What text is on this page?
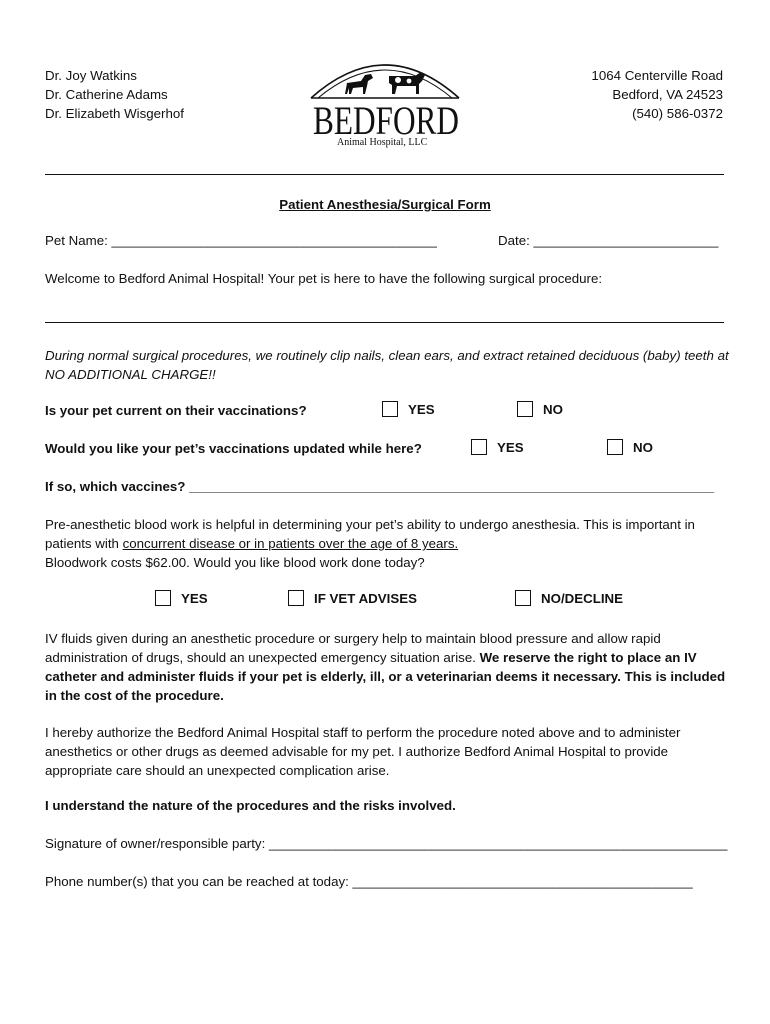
Dr. Joy Watkins
Dr. Catherine Adams
Dr. Elizabeth Wisgerhof	BEDFORD
Animal Hospital, LLC
1064 Centerville Road
Bedford, VA 24523
(540) 586-0372
Patient Anesthesia/Surgical Form
Pet Name: ____________________________________________	Date: _________________________
Welcome to Bedford Animal Hospital! Your pet is here to have the following surgical procedure:
During normal surgical procedures, we routinely clip nails, clean ears, and extract retained deciduous (baby) teeth at NO ADDITIONAL CHARGE!!
Is your pet current on their vaccinations?	YES	NO
Would you like your pet’s vaccinations updated while here?	YES	NO
If so, which vaccines? _______________________________________________________________________
Pre-anesthetic blood work is helpful in determining your pet’s ability to undergo anesthesia. This is important in patients with concurrent disease or in patients over the age of 8 years.
Bloodwork costs $62.00. Would you like blood work done today?
YES	IF VET ADVISES	NO/DECLINE
IV fluids given during an anesthetic procedure or surgery help to maintain blood pressure and allow rapid administration of drugs, should an unexpected emergency situation arise. We reserve the right to place an IV catheter and administer fluids if your pet is elderly, ill, or a veterinarian deems it necessary. This is included in the cost of the procedure.
I hereby authorize the Bedford Animal Hospital staff to perform the procedure noted above and to administer anesthetics or other drugs as deemed advisable for my pet. I authorize Bedford Animal Hospital to provide appropriate care should an unexpected complication arise.
I understand the nature of the procedures and the risks involved.
Signature of owner/responsible party: ______________________________________________________________
Phone number(s) that you can be reached at today: ______________________________________________
